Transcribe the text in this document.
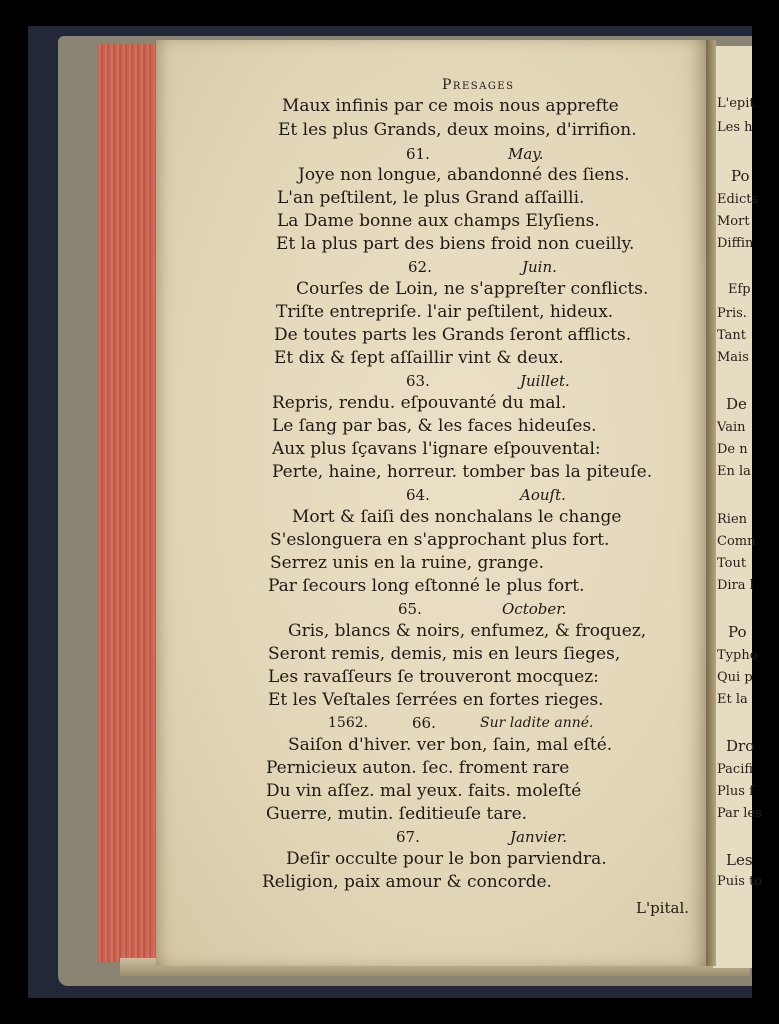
Presages
Maux infinis par ce mois nous apprefte
Et les plus Grands, deux moins, d'irrifion.
61.	May.
Joye non longue, abandonné des ſiens.
L'an peſtilent, le plus Grand aſſailli.
La Dame bonne aux champs Elyſiens.
Et la plus part des biens froid non cueilly.
62.	Juin.
Courſes de Loin, ne s'appreſter conflicts.
Triſte entrepriſe. l'air peſtilent, hideux.
De toutes parts les Grands ſeront afflicts.
Et dix & ſept aſſaillir vint & deux.
63.	Juillet.
Repris, rendu. eſpouvanté du mal.
Le ſang par bas, & les faces hideuſes.
Aux plus ſçavans l'ignare eſpouvental:
Perte, haine, horreur. tomber bas la piteuſe.
64.	Aouſt.
Mort & ſaiſi des nonchalans le change
S'eslonguera en s'approchant plus fort.
Serrez unis en la ruine, grange.
Par ſecours long eſtonné le plus fort.
65.	October.
Gris, blancs & noirs, enfumez, & froquez,
Seront remis, demis, mis en leurs ſieges,
Les ravaſſeurs ſe trouveront mocquez:
Et les Veſtales ſerrées en fortes rieges.
1562.	66.	Sur ladite anné.
Saiſon d'hiver. ver bon, ſain, mal eſté.
Pernicieux auton. ſec. froment rare
Du vin aſſez. mal yeux. faits. moleſté
Guerre, mutin. ſeditieuſe tare.
67.	Janvier.
Deſir occulte pour le bon parviendra.
Religion, paix amour & concorde.
L'pital.
L'epit
Les h
Po
Edicts
Mort
Diffin
Efp
Pris.
Tant
Mais
De
Vain
De n
En la
Rien
Comn
Tout
Dira l
Po
Typho
Qui p
Et la
Dro
Pacifi
Plus ſ
Par les
Les
Puis to
